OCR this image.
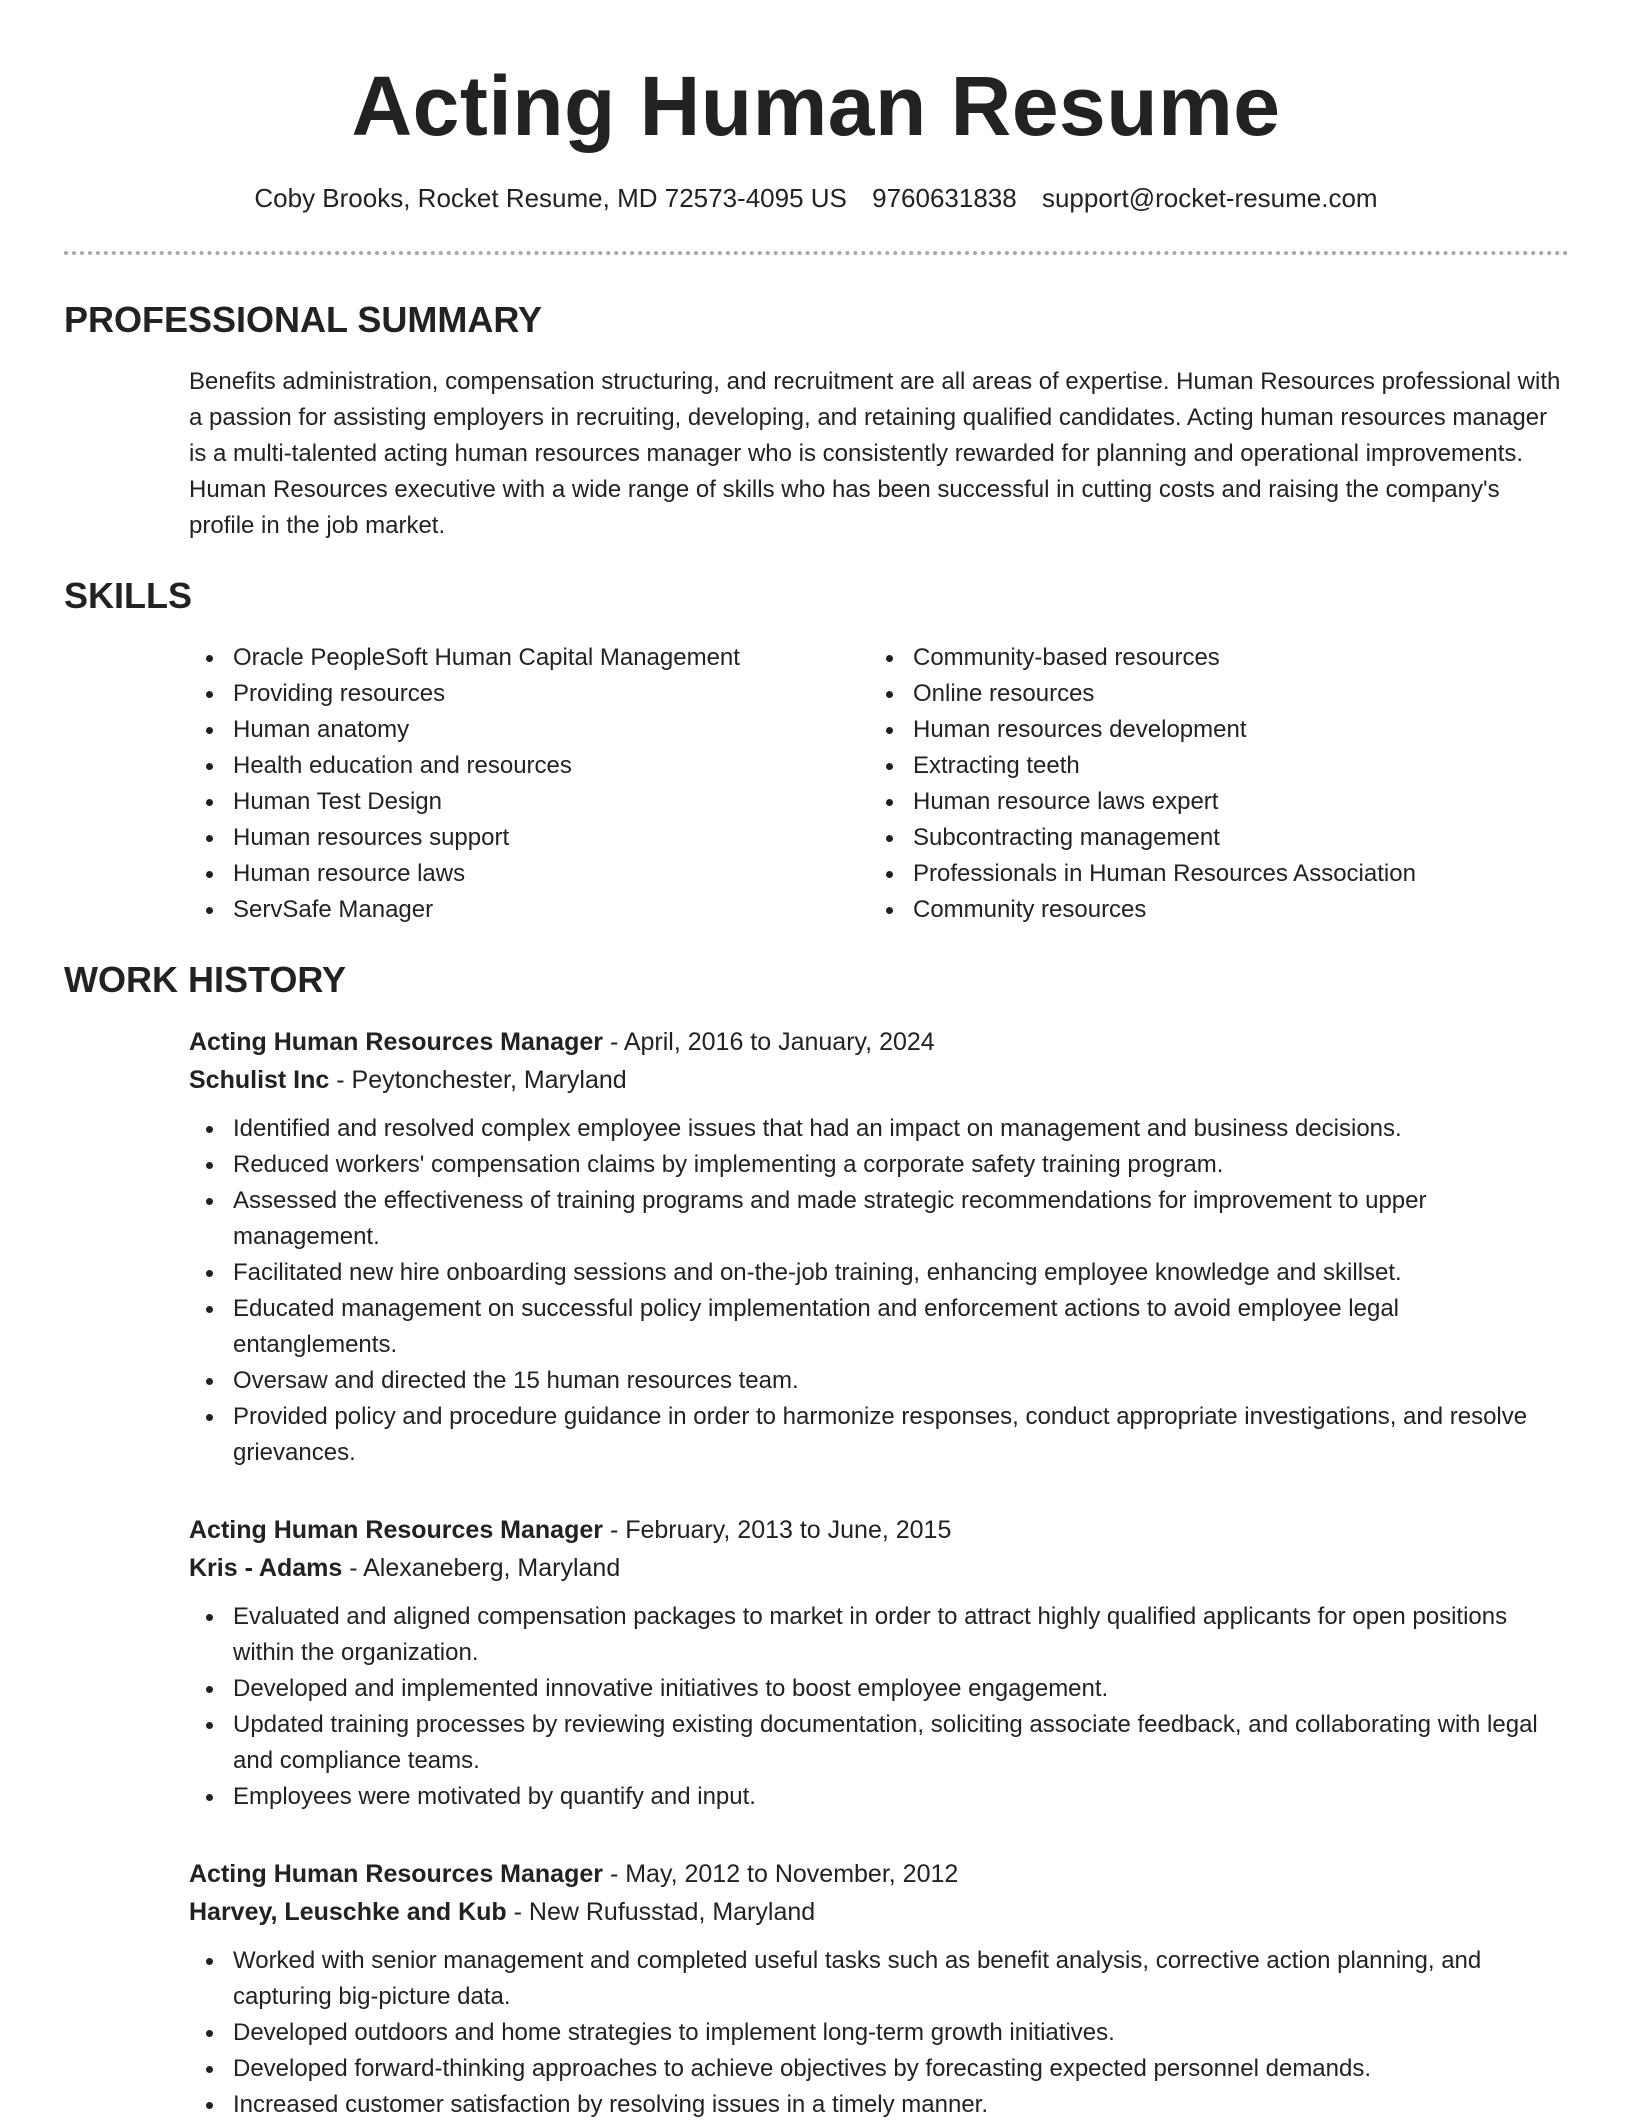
Acting Human Resume
Coby Brooks, Rocket Resume, MD 72573-4095 US 9760631838 support@rocket-resume.com
PROFESSIONAL SUMMARY

Benefits administration, compensation structuring, and recruitment are all areas of expertise. Human Resources professional with a passion for assisting employers in recruiting, developing, and retaining qualified candidates. Acting human resources manager is a multi-talented acting human resources manager who is consistently rewarded for planning and operational improvements. Human Resources executive with a wide range of skills who has been successful in cutting costs and raising the company's profile in the job market.

SKILLS
Oracle PeopleSoft Human Capital Management
Providing resources
Human anatomy
Health education and resources
Human Test Design
Human resources support
Human resource laws
ServSafe Manager
Community-based resources
Online resources
Human resources development
Extracting teeth
Human resource laws expert
Subcontracting management
Professionals in Human Resources Association
Community resources
WORK HISTORY
Acting Human Resources Manager - April, 2016 to January, 2024
Schulist Inc - Peytonchester, Maryland
Identified and resolved complex employee issues that had an impact on management and business decisions.
Reduced workers' compensation claims by implementing a corporate safety training program.
Assessed the effectiveness of training programs and made strategic recommendations for improvement to upper management.
Facilitated new hire onboarding sessions and on-the-job training, enhancing employee knowledge and skillset.
Educated management on successful policy implementation and enforcement actions to avoid employee legal entanglements.
Oversaw and directed the 15 human resources team.
Provided policy and procedure guidance in order to harmonize responses, conduct appropriate investigations, and resolve grievances.
Acting Human Resources Manager - February, 2013 to June, 2015
Kris - Adams - Alexaneberg, Maryland
Evaluated and aligned compensation packages to market in order to attract highly qualified applicants for open positions within the organization.
Developed and implemented innovative initiatives to boost employee engagement.
Updated training processes by reviewing existing documentation, soliciting associate feedback, and collaborating with legal and compliance teams.
Employees were motivated by quantify and input.
Acting Human Resources Manager - May, 2012 to November, 2012
Harvey, Leuschke and Kub - New Rufusstad, Maryland
Worked with senior management and completed useful tasks such as benefit analysis, corrective action planning, and capturing big-picture data.
Developed outdoors and home strategies to implement long-term growth initiatives.
Developed forward-thinking approaches to achieve objectives by forecasting expected personnel demands.
Increased customer satisfaction by resolving issues in a timely manner.
